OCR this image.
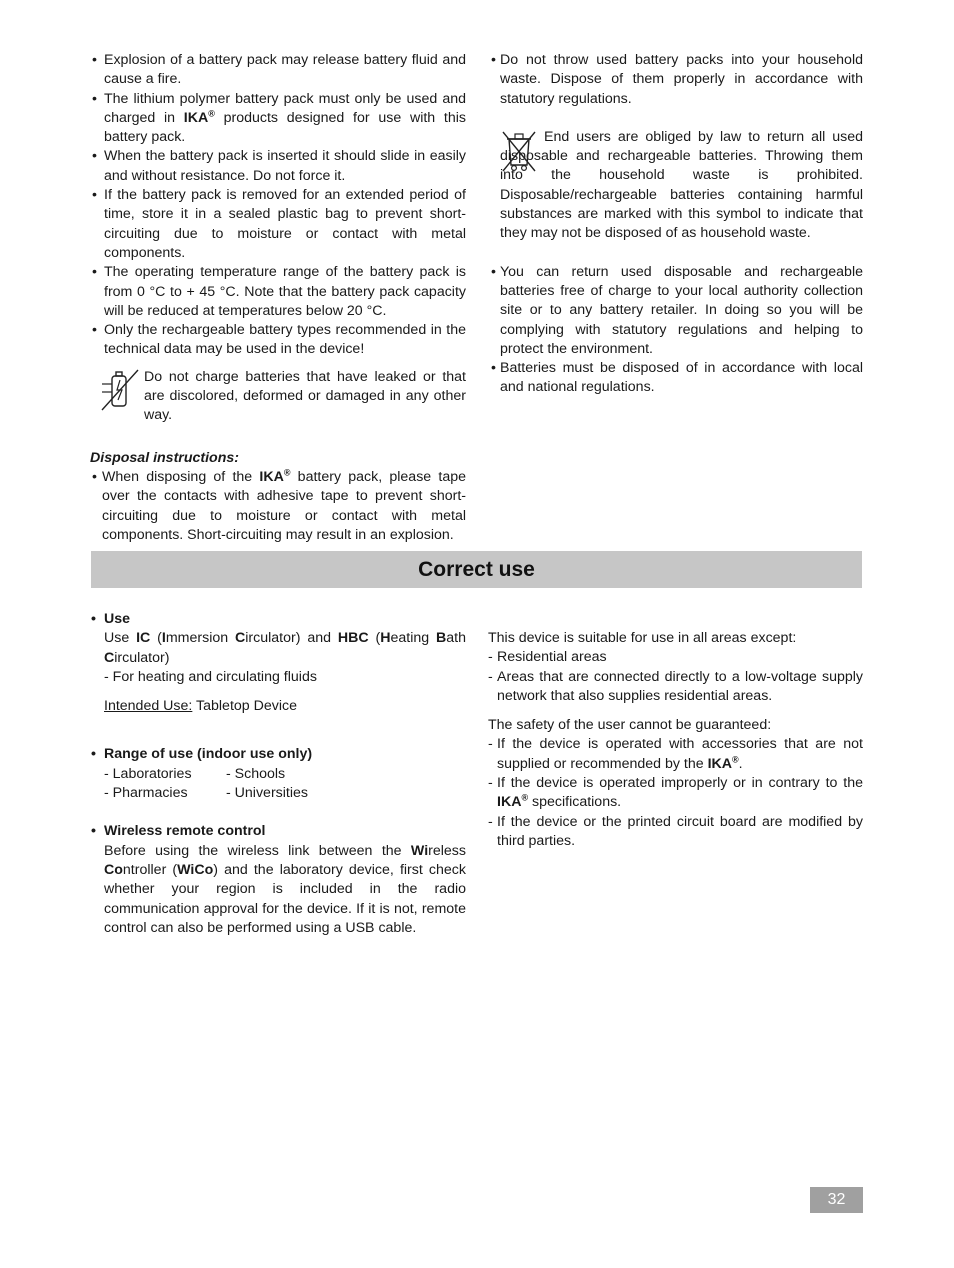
• Explosion of a battery pack may release battery fluid and cause a fire.

• The lithium polymer battery pack must only be used and charged in IKA® products designed for use with this battery pack.

• When the battery pack is inserted it should slide in easily and without resistance. Do not force it.

• If the battery pack is removed for an extended period of time, store it in a sealed plastic bag to prevent short-circuiting due to moisture or contact with metal components.

• The operating temperature range of the battery pack is from 0 °C to + 45 °C. Note that the battery pack capacity will be reduced at temperatures below 20 °C.

• Only the rechargeable battery types recommended in the technical data may be used in the device!

Do not charge batteries that have leaked or that are discolored, deformed or damaged in any other way.

Disposal instructions:

• When disposing of the IKA® battery pack, please tape over the contacts with adhesive tape to prevent short-circuiting due to moisture or contact with metal components. Short-circuiting may result in an explosion.

• Do not throw used battery packs into your household waste. Dispose of them properly in accordance with statutory regulations.

End users are obliged by law to return all used disposable and rechargeable batteries. Throwing them into the household waste is prohibited. Disposable/rechargeable batteries containing harmful substances are marked with this symbol to indicate that they may not be disposed of as household waste.

• You can return used disposable and rechargeable batteries free of charge to your local authority collection site or to any battery retailer. In doing so you will be complying with statutory regulations and helping to protect the environment.

• Batteries must be disposed of in accordance with local and national regulations.

Correct use

• Use

Use IC (Immersion Circulator) and HBC (Heating Bath Circulator)

- For heating and circulating fluids

Intended Use: Tabletop Device

• Range of use (indoor use only)

- Laboratories	- Schools
- Pharmacies	- Universities

• Wireless remote control

Before using the wireless link between the Wireless Controller (WiCo) and the laboratory device, first check whether your region is included in the radio communication approval for the device. If it is not, remote control can also be performed using a USB cable.

This device is suitable for use in all areas except:

- Residential areas

- Areas that are connected directly to a low-voltage supply network that also supplies residential areas.

The safety of the user cannot be guaranteed:

- If the device is operated with accessories that are not supplied or recommended by the IKA®.

- If the device is operated improperly or in contrary to the IKA® specifications.

- If the device or the printed circuit board are modified by third parties.

32
